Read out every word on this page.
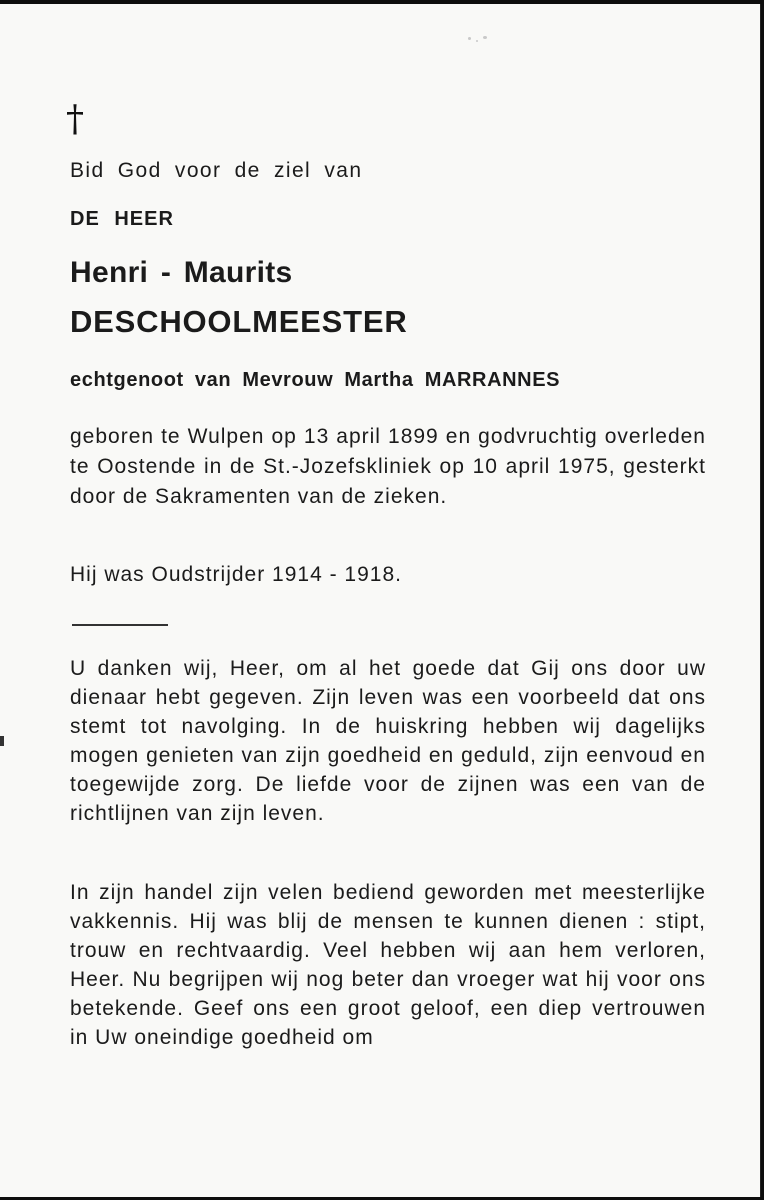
†
Bid God voor de ziel van
DE HEER
Henri - Maurits
DESCHOOLMEESTER
echtgenoot van Mevrouw Martha MARRANNES
geboren te Wulpen op 13 april 1899 en godvruchtig overleden te Oostende in de St.-Jozefskliniek op 10 april 1975, gesterkt door de Sakramenten van de zieken.
Hij was Oudstrijder 1914 - 1918.
U danken wij, Heer, om al het goede dat Gij ons door uw dienaar hebt gegeven. Zijn leven was een voorbeeld dat ons stemt tot navolging. In de huiskring hebben wij dagelijks mogen genieten van zijn goedheid en geduld, zijn eenvoud en toegewijde zorg. De liefde voor de zijnen was een van de richtlijnen van zijn leven.
In zijn handel zijn velen bediend geworden met meesterlijke vakkennis. Hij was blij de mensen te kunnen dienen : stipt, trouw en rechtvaardig. Veel hebben wij aan hem verloren, Heer. Nu begrijpen wij nog beter dan vroeger wat hij voor ons betekende. Geef ons een groot geloof, een diep vertrouwen in Uw oneindige goedheid om
